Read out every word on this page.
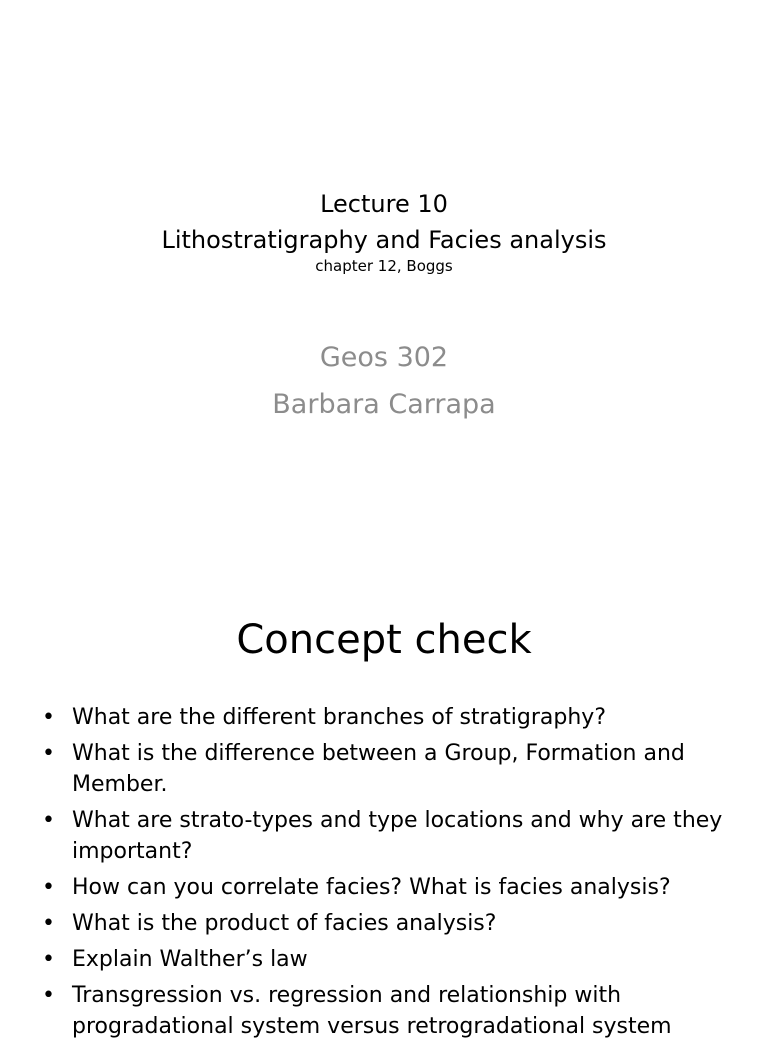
Lecture 10
Lithostratigraphy and Facies analysis
chapter 12, Boggs
Geos 302
Barbara Carrapa
Concept check
• What are the different branches of stratigraphy?
• What is the difference between a Group, Formation and Member.
• What are strato-types and type locations and why are they important?
• How can you correlate facies? What is facies analysis?
• What is the product of facies analysis?
• Explain Walther’s law
• Transgression vs. regression and relationship with progradational system versus retrogradational system
